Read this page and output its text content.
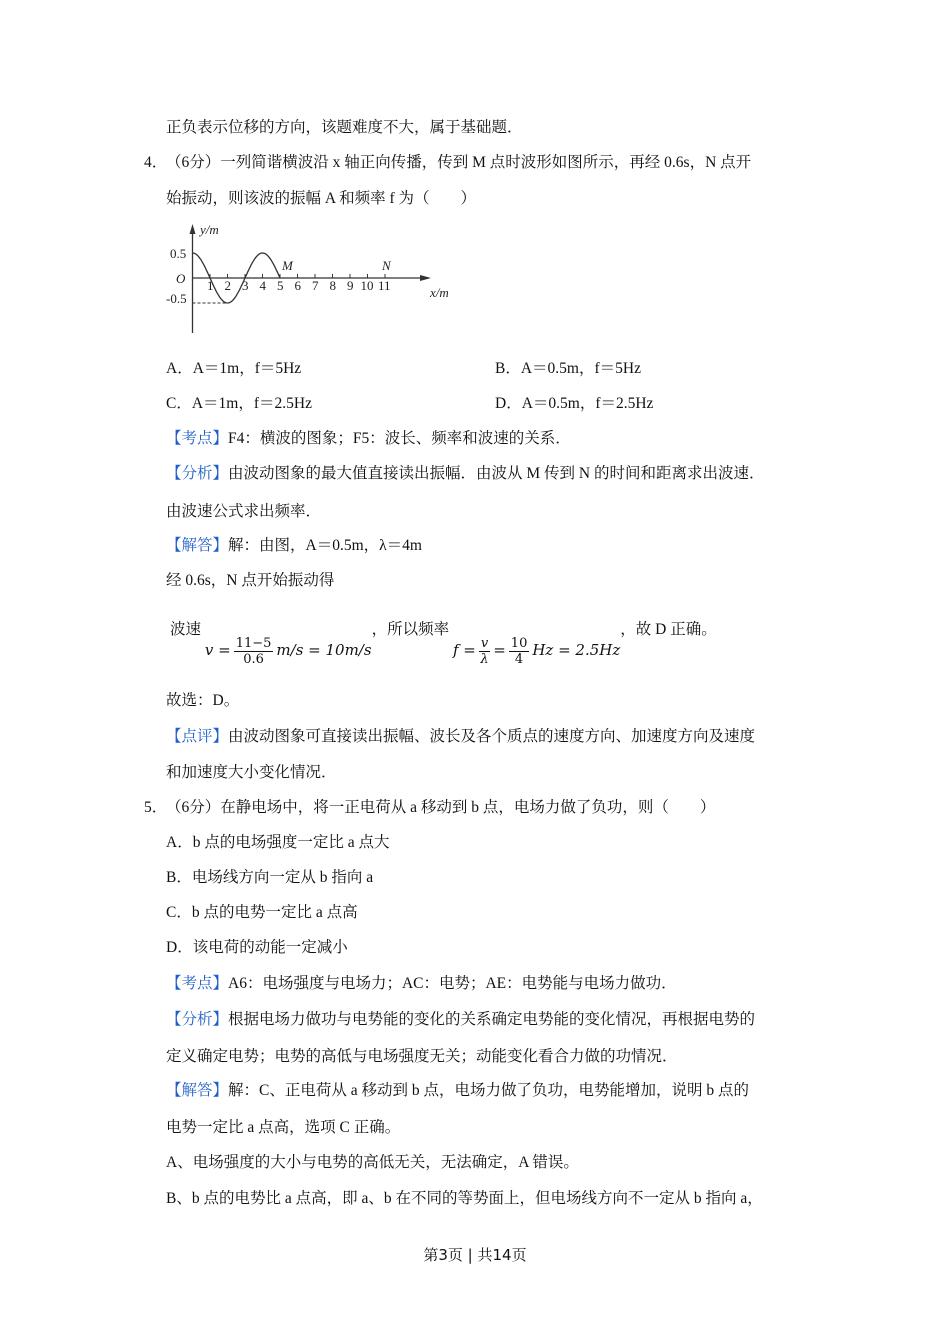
正负表示位移的方向，该题难度不大，属于基础题．
4．
（6分）一列简谐横波沿 x 轴正向传播，传到 M 点时波形如图所示，再经 0.6s，N 点开
始振动，则该波的振幅 A 和频率 f 为（　　）
y/m
x/m
O
0.5
-0.5
M	N
1 2 3 4 5 6 7 8 9 10 11
A．A＝1m，f＝5Hz	B．A＝0.5m，f＝5Hz
C．A＝1m，f＝2.5Hz	D．A＝0.5m，f＝2.5Hz
【考点】F4：横波的图象；F5：波长、频率和波速的关系．
【分析】由波动图象的最大值直接读出振幅．由波从 M 传到 N 的时间和距离求出波速．
由波速公式求出频率．
【解答】解：由图，A＝0.5m，λ＝4m
经 0.6s，N 点开始振动得
波速 $v = \frac{11-5}{0.6} m/s = 10m/s$，所以频率 $f = \frac{v}{\lambda} = \frac{10}{4}$ Hz = 2.5Hz，故 D 正确。
故选：D。
【点评】由波动图象可直接读出振幅、波长及各个质点的速度方向、加速度方向及速度
和加速度大小变化情况．
5．
（6分）在静电场中，将一正电荷从 a 移动到 b 点，电场力做了负功，则（　　）
A．b 点的电场强度一定比 a 点大
B．电场线方向一定从 b 指向 a
C．b 点的电势一定比 a 点高
D．该电荷的动能一定减小
【考点】A6：电场强度与电场力；AC：电势；AE：电势能与电场力做功．
【分析】根据电场力做功与电势能的变化的关系确定电势能的变化情况，再根据电势的
定义确定电势；电势的高低与电场强度无关；动能变化看合力做的功情况．
【解答】解：C、正电荷从 a 移动到 b 点，电场力做了负功，电势能增加，说明 b 点的
电势一定比 a 点高，选项 C 正确。
A、电场强度的大小与电势的高低无关，无法确定，A 错误。
B、b 点的电势比 a 点高，即 a、b 在不同的等势面上，但电场线方向不一定从 b 指向 a，
第3页 | 共14页
